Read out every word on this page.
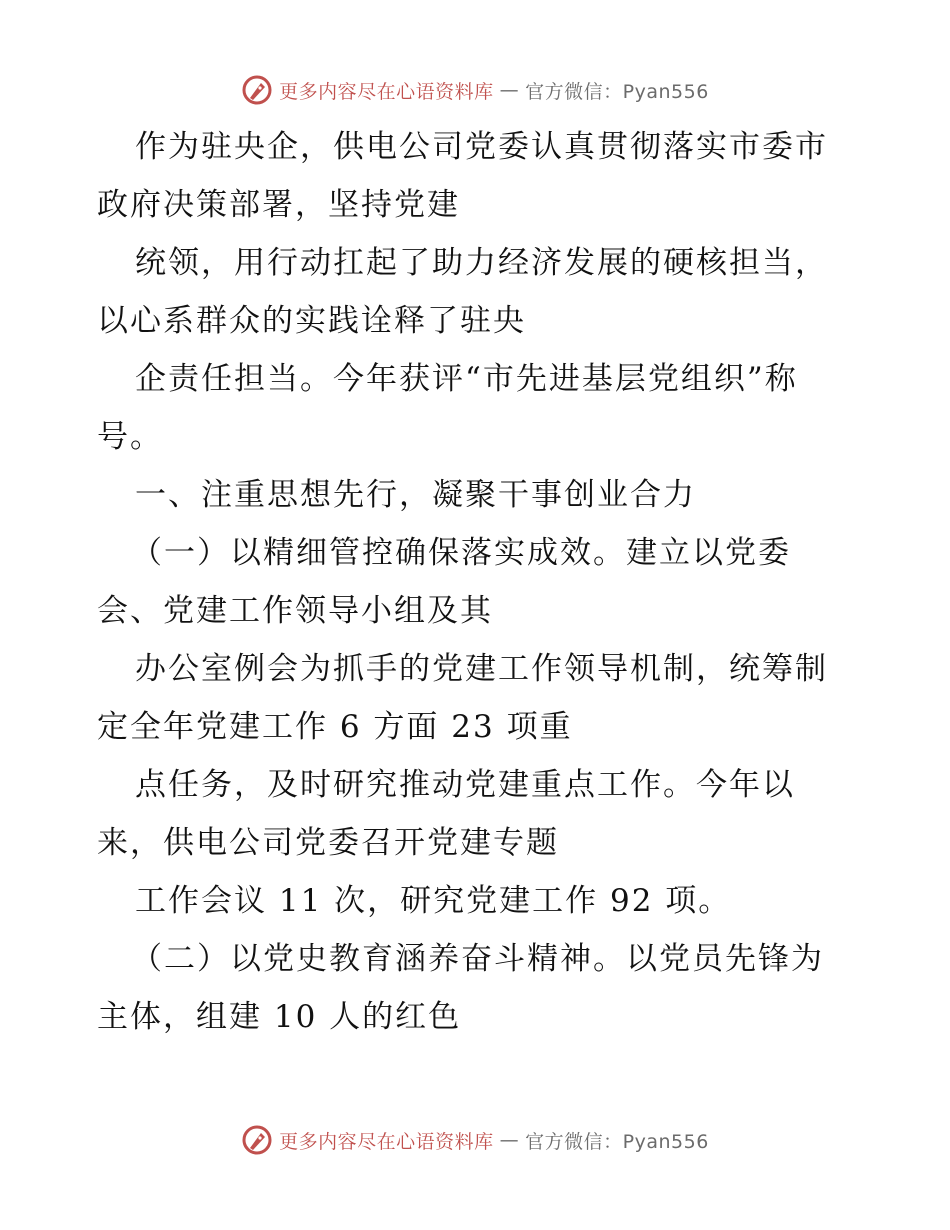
更多内容尽在心语资料库 — 官方微信：Pyan556
作为驻央企，供电公司党委认真贯彻落实市委市
政府决策部署，坚持党建
统领，用行动扛起了助力经济发展的硬核担当，
以心系群众的实践诠释了驻央
企责任担当。今年获评“市先进基层党组织”称
号。
一、注重思想先行，凝聚干事创业合力
（一）以精细管控确保落实成效。建立以党委
会、党建工作领导小组及其
办公室例会为抓手的党建工作领导机制，统筹制
定全年党建工作 6 方面 23 项重
点任务，及时研究推动党建重点工作。今年以
来，供电公司党委召开党建专题
工作会议 11 次，研究党建工作 92 项。
（二）以党史教育涵养奋斗精神。以党员先锋为
主体，组建 10 人的红色
更多内容尽在心语资料库 — 官方微信：Pyan556
